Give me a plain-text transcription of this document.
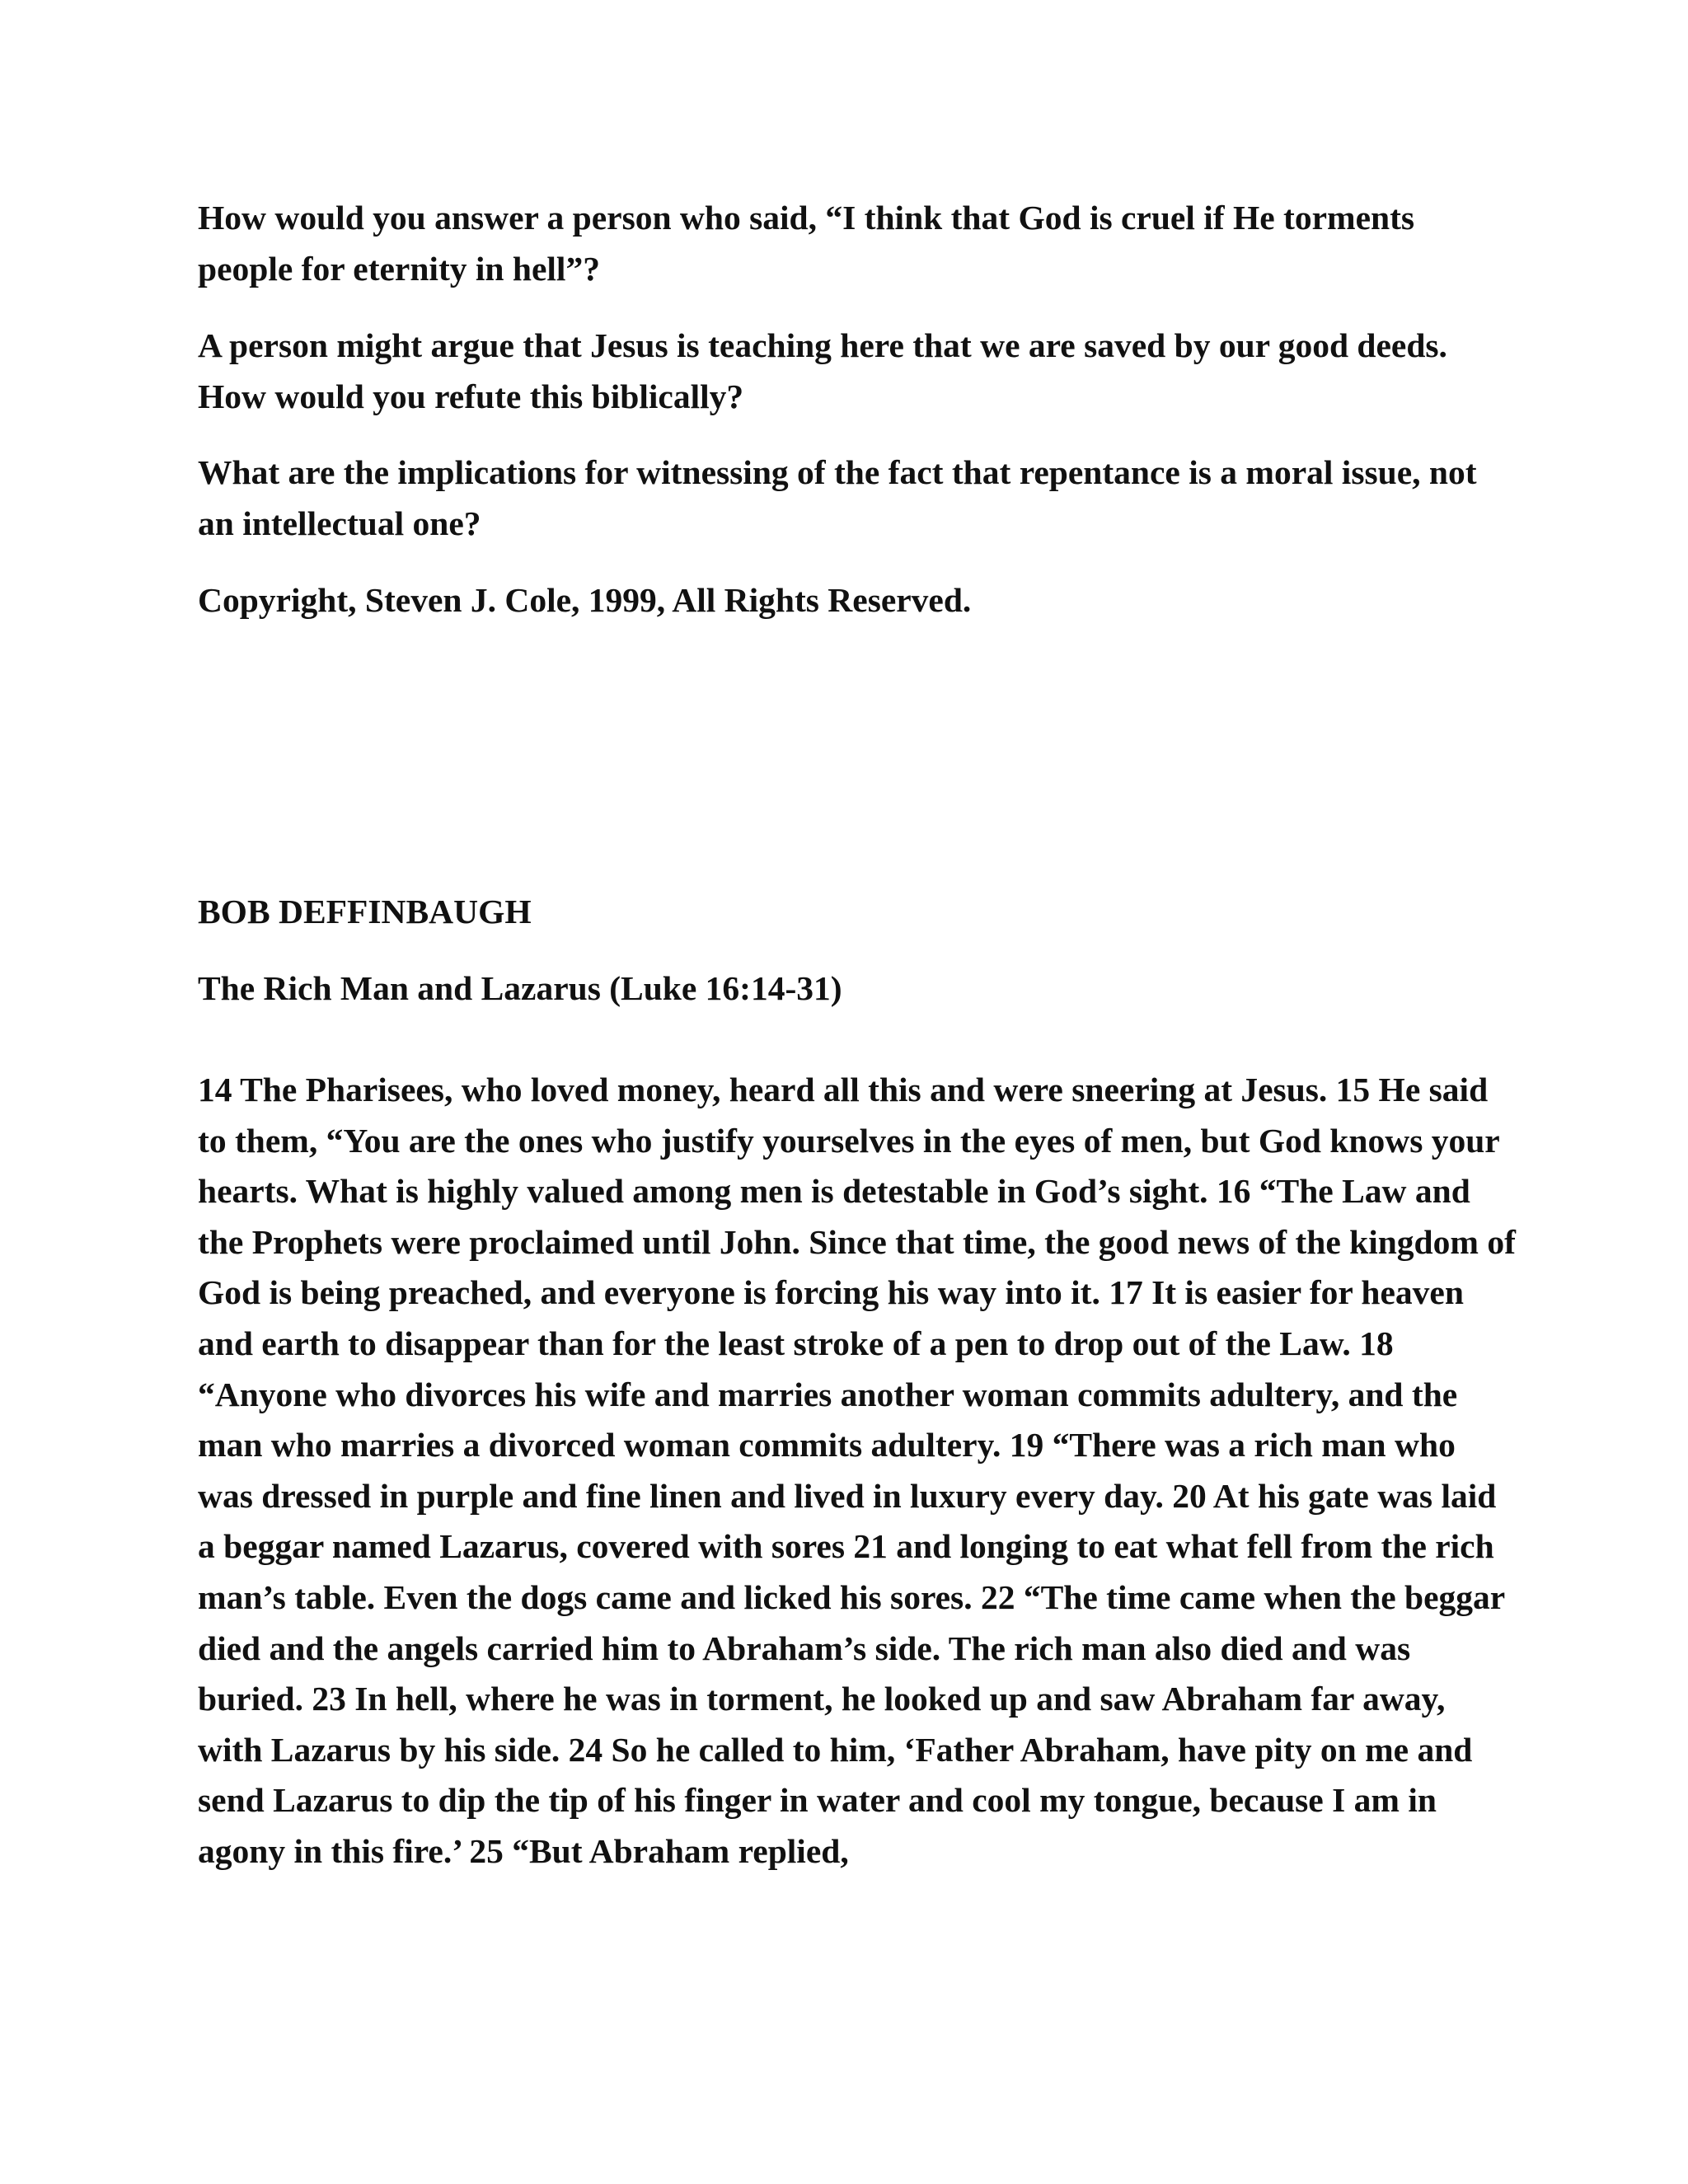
How would you answer a person who said, “I think that God is cruel if He torments people for eternity in hell”?

A person might argue that Jesus is teaching here that we are saved by our good deeds. How would you refute this biblically?

What are the implications for witnessing of the fact that repentance is a moral issue, not an intellectual one?

Copyright, Steven J. Cole, 1999, All Rights Reserved.

BOB DEFFINBAUGH

The Rich Man and Lazarus (Luke 16:14-31)

14 The Pharisees, who loved money, heard all this and were sneering at Jesus. 15 He said to them, “You are the ones who justify yourselves in the eyes of men, but God knows your hearts. What is highly valued among men is detestable in God’s sight. 16 “The Law and the Prophets were proclaimed until John. Since that time, the good news of the kingdom of God is being preached, and everyone is forcing his way into it. 17 It is easier for heaven and earth to disappear than for the least stroke of a pen to drop out of the Law. 18 “Anyone who divorces his wife and marries another woman commits adultery, and the man who marries a divorced woman commits adultery. 19 “There was a rich man who was dressed in purple and fine linen and lived in luxury every day. 20 At his gate was laid a beggar named Lazarus, covered with sores 21 and longing to eat what fell from the rich man’s table. Even the dogs came and licked his sores. 22 “The time came when the beggar died and the angels carried him to Abraham’s side. The rich man also died and was buried. 23 In hell, where he was in torment, he looked up and saw Abraham far away, with Lazarus by his side. 24 So he called to him, ‘Father Abraham, have pity on me and send Lazarus to dip the tip of his finger in water and cool my tongue, because I am in agony in this fire.’ 25 “But Abraham replied,
